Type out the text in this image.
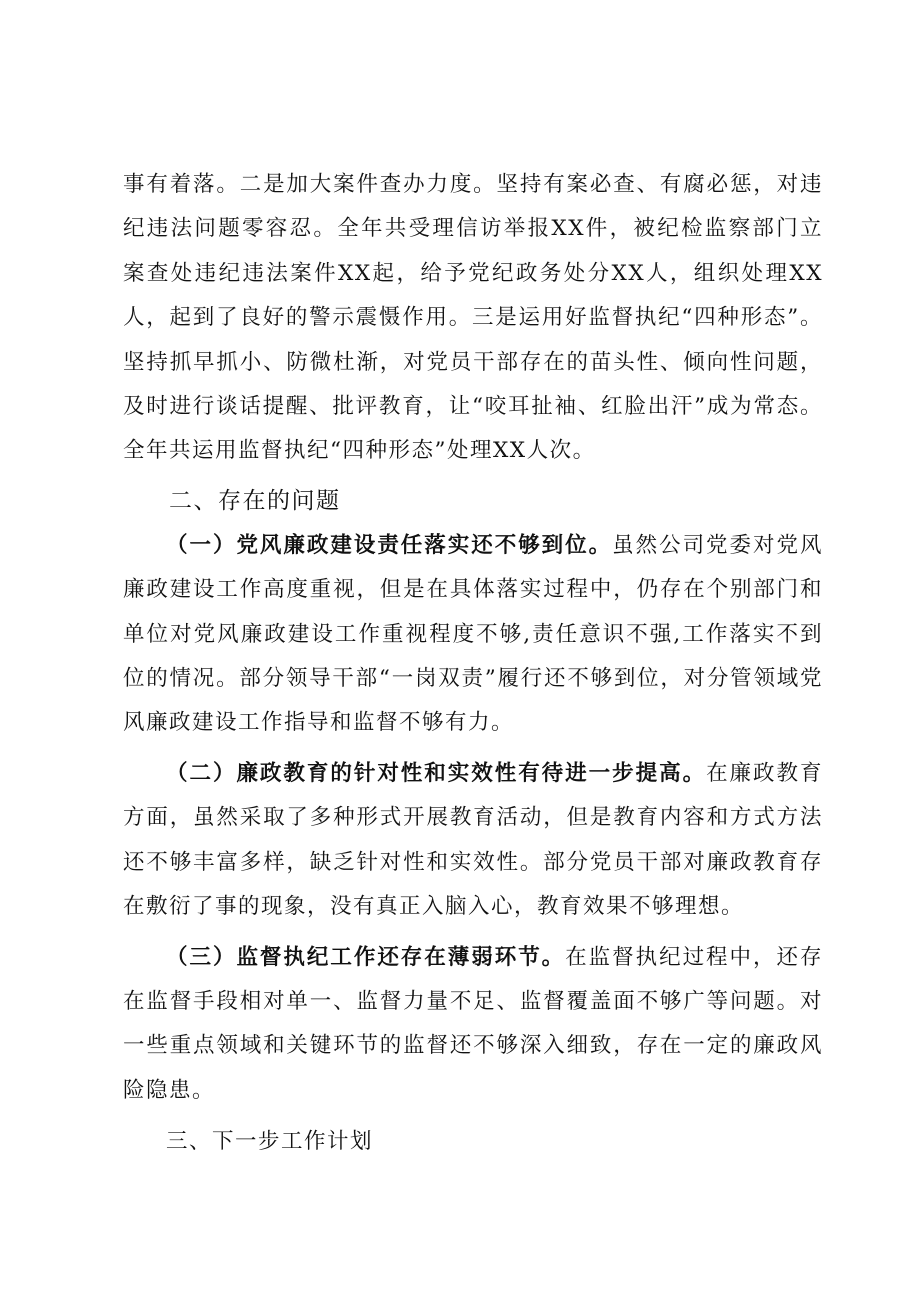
事有着落。二是加大案件查办力度。坚持有案必查、有腐必惩，对违纪违法问题零容忍。全年共受理信访举报XX件，被纪检监察部门立案查处违纪违法案件XX起，给予党纪政务处分XX人，组织处理XX人，起到了良好的警示震慑作用。三是运用好监督执纪“四种形态”。坚持抓早抓小、防微杜渐，对党员干部存在的苗头性、倾向性问题，及时进行谈话提醒、批评教育，让“咬耳扯袖、红脸出汗”成为常态。全年共运用监督执纪“四种形态”处理XX人次。

二、存在的问题

（一）党风廉政建设责任落实还不够到位。虽然公司党委对党风廉政建设工作高度重视，但是在具体落实过程中，仍存在个别部门和单位对党风廉政建设工作重视程度不够,责任意识不强,工作落实不到位的情况。部分领导干部“一岗双责”履行还不够到位，对分管领域党风廉政建设工作指导和监督不够有力。

（二）廉政教育的针对性和实效性有待进一步提高。在廉政教育方面，虽然采取了多种形式开展教育活动，但是教育内容和方式方法还不够丰富多样，缺乏针对性和实效性。部分党员干部对廉政教育存在敷衍了事的现象，没有真正入脑入心，教育效果不够理想。

（三）监督执纪工作还存在薄弱环节。在监督执纪过程中，还存在监督手段相对单一、监督力量不足、监督覆盖面不够广等问题。对一些重点领域和关键环节的监督还不够深入细致，存在一定的廉政风险隐患。

三、下一步工作计划
